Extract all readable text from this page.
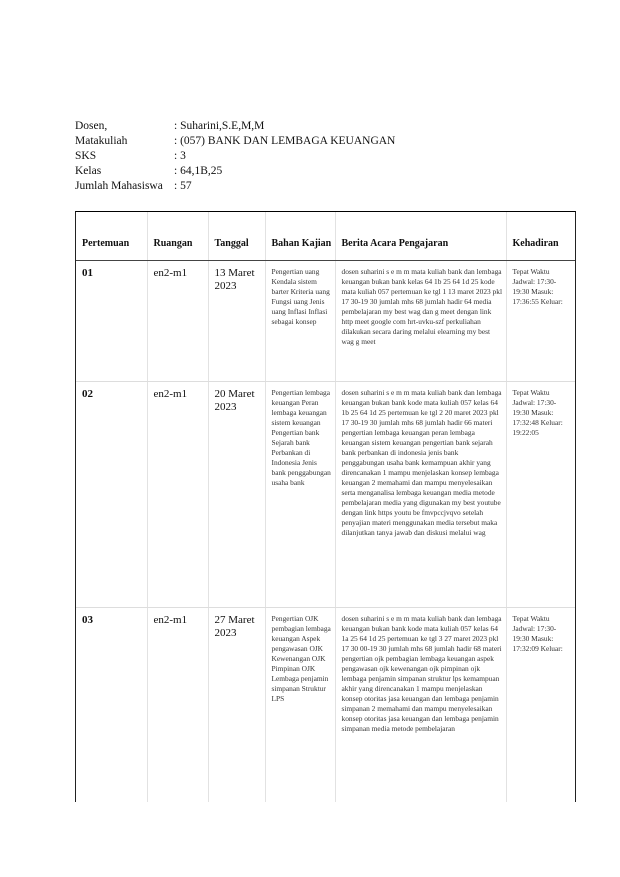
Dosen,	: Suharini,S.E,M,M
Matakuliah	: (057) BANK DAN LEMBAGA KEUANGAN
SKS	: 3
Kelas	: 64,1B,25
Jumlah Mahasiswa : 57
Pertemuan	Ruangan	Tanggal	Bahan Kajian	Berita Acara Pengajaran	Kehadiran
01	en2-m1	13 Maret 2023	Pengertian uang Kendala sistem barter Kriteria uang Fungsi uang Jenis uang Inflasi Inflasi sebagai konsep	dosen suharini s e m m mata kuliah bank dan lembaga keuangan bukan bank kelas 64 1b 25 64 1d 25 kode mata kuliah 057 pertemuan ke tgl 1 13 maret 2023 pkl 17 30-19 30 jumlah mhs 68 jumlah hadir 64 media pembelajaran my best wag dan g meet dengan link http meet google com hrt-uvku-szf perkuliahan dilakukan secara daring melalui elearning my best wag g meet	Tepat Waktu Jadwal: 17:30-19:30 Masuk: 17:36:55 Keluar:
02	en2-m1	20 Maret 2023	Pengertian lembaga keuangan Peran lembaga keuangan sistem keuangan Pengertian bank Sejarah bank Perbankan di Indonesia Jenis bank penggabungan usaha bank	dosen suharini s e m m mata kuliah bank dan lembaga keuangan bukan bank kode mata kuliah 057 kelas 64 1b 25 64 1d 25 pertemuan ke tgl 2 20 maret 2023 pkl 17 30-19 30 jumlah mhs 68 jumlah hadir 66 materi pengertian lembaga keuangan peran lembaga keuangan sistem keuangan pengertian bank sejarah bank perbankan di indonesia jenis bank penggabungan usaha bank kemampuan akhir yang direncanakan 1 mampu menjelaskan konsep lembaga keuangan 2 memahami dan mampu menyelesaikan serta menganalisa lembaga keuangan media metode pembelajaran media yang digunakan my best youtube dengan link https youtu be fmvpccjvqvo setelah penyajian materi menggunakan media tersebut maka dilanjutkan tanya jawab dan diskusi melalui wag	Tepat Waktu Jadwal: 17:30-19:30 Masuk: 17:32:48 Keluar: 19:22:05
03	en2-m1	27 Maret 2023	Pengertian OJK pembagian lembaga keuangan Aspek pengawasan OJK Kewenangan OJK Pimpinan OJK Lembaga penjamin simpanan Struktur LPS	dosen suharini s e m m mata kuliah bank dan lembaga keuangan bukan bank kode mata kuliah 057 kelas 64 1a 25 64 1d 25 pertemuan ke tgl 3 27 maret 2023 pkl 17 30 00-19 30 jumlah mhs 68 jumlah hadir 68 materi pengertian ojk pembagian lembaga keuangan aspek pengawasan ojk kewenangan ojk pimpinan ojk lembaga penjamin simpanan struktur lps kemampuan akhir yang direncanakan 1 mampu menjelaskan konsep otoritas jasa keuangan dan lembaga penjamin simpanan 2 memahami dan mampu menyelesaikan konsep otoritas jasa keuangan dan lembaga penjamin simpanan media metode pembelajaran	Tepat Waktu Jadwal: 17:30-19:30 Masuk: 17:32:09 Keluar:
